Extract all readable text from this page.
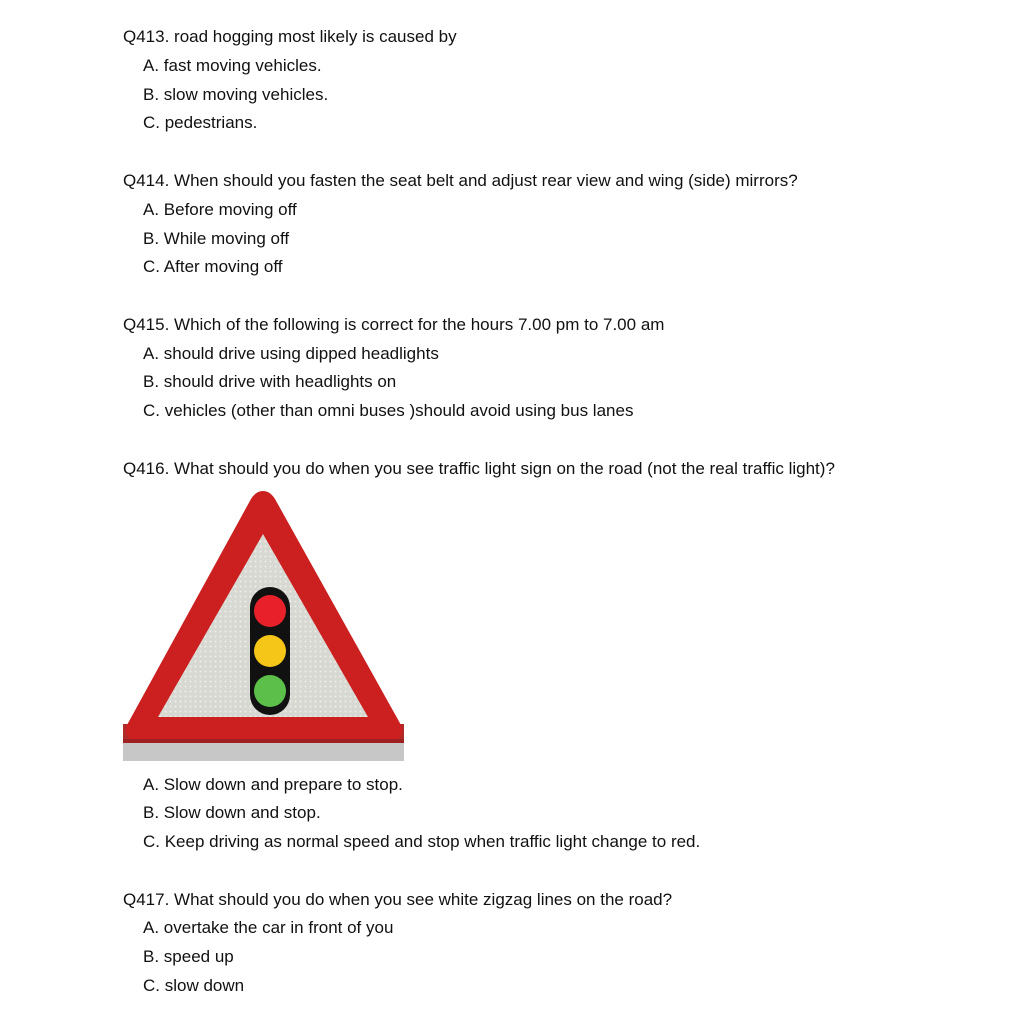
Q413. road hogging most likely is caused by
A. fast moving vehicles.
B. slow moving vehicles.
C. pedestrians.
Q414. When should you fasten the seat belt and adjust rear view and wing (side) mirrors?
A. Before moving off
B. While moving off
C. After moving off
Q415. Which of the following is correct for the hours 7.00 pm to 7.00 am
A. should drive using dipped headlights
B. should drive with headlights on
C. vehicles (other than omni buses )should avoid using bus lanes
Q416. What should you do when you see traffic light sign on the road (not the real traffic light)?
A. Slow down and prepare to stop.
B. Slow down and stop.
C. Keep driving as normal speed and stop when traffic light change to red.
Q417. What should you do when you see white zigzag lines on the road?
A. overtake the car in front of you
B. speed up
C. slow down
